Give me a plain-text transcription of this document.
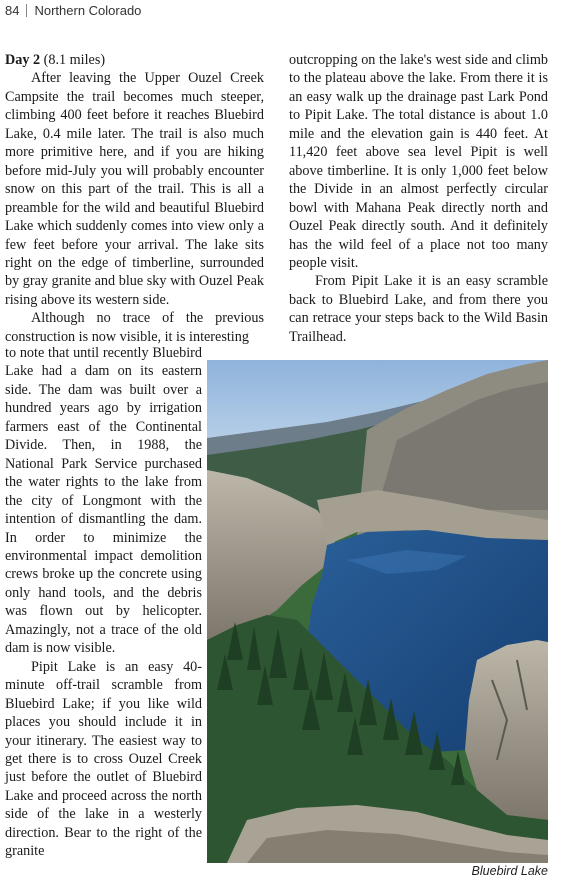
84 Northern Colorado

Day 2 (8.1 miles)

After leaving the Upper Ouzel Creek Campsite the trail becomes much steeper, climbing 400 feet before it reaches Bluebird Lake, 0.4 mile later. The trail is also much more primitive here, and if you are hiking before mid-July you will probably encounter snow on this part of the trail. This is all a preamble for the wild and beautiful Bluebird Lake which suddenly comes into view only a few feet before your arrival. The lake sits right on the edge of timberline, surrounded by gray granite and blue sky with Ouzel Peak rising above its western side.

Although no trace of the previous construction is now visible, it is interesting

to note that until recently Bluebird Lake had a dam on its eastern side. The dam was built over a hundred years ago by irrigation farmers east of the Continental Divide. Then, in 1988, the National Park Service purchased the water rights to the lake from the city of Longmont with the intention of dismantling the dam. In order to minimize the environmental impact demolition crews broke up the concrete using only hand tools, and the debris was flown out by helicopter. Amazingly, not a trace of the old dam is now visible.

Pipit Lake is an easy 40-minute off-trail scramble from Bluebird Lake; if you like wild places you should include it in your itinerary. The easiest way to get there is to cross Ouzel Creek just before the outlet of Bluebird Lake and proceed across the north side of the lake in a westerly direction. Bear to the right of the granite

outcropping on the lake's west side and climb to the plateau above the lake. From there it is an easy walk up the drainage past Lark Pond to Pipit Lake. The total distance is about 1.0 mile and the elevation gain is 440 feet. At 11,420 feet above sea level Pipit is well above timberline. It is only 1,000 feet below the Divide in an almost perfectly circular bowl with Mahana Peak directly north and Ouzel Peak directly south. And it definitely has the wild feel of a place not too many people visit.

From Pipit Lake it is an easy scramble back to Bluebird Lake, and from there you can retrace your steps back to the Wild Basin Trailhead.

Bluebird Lake
